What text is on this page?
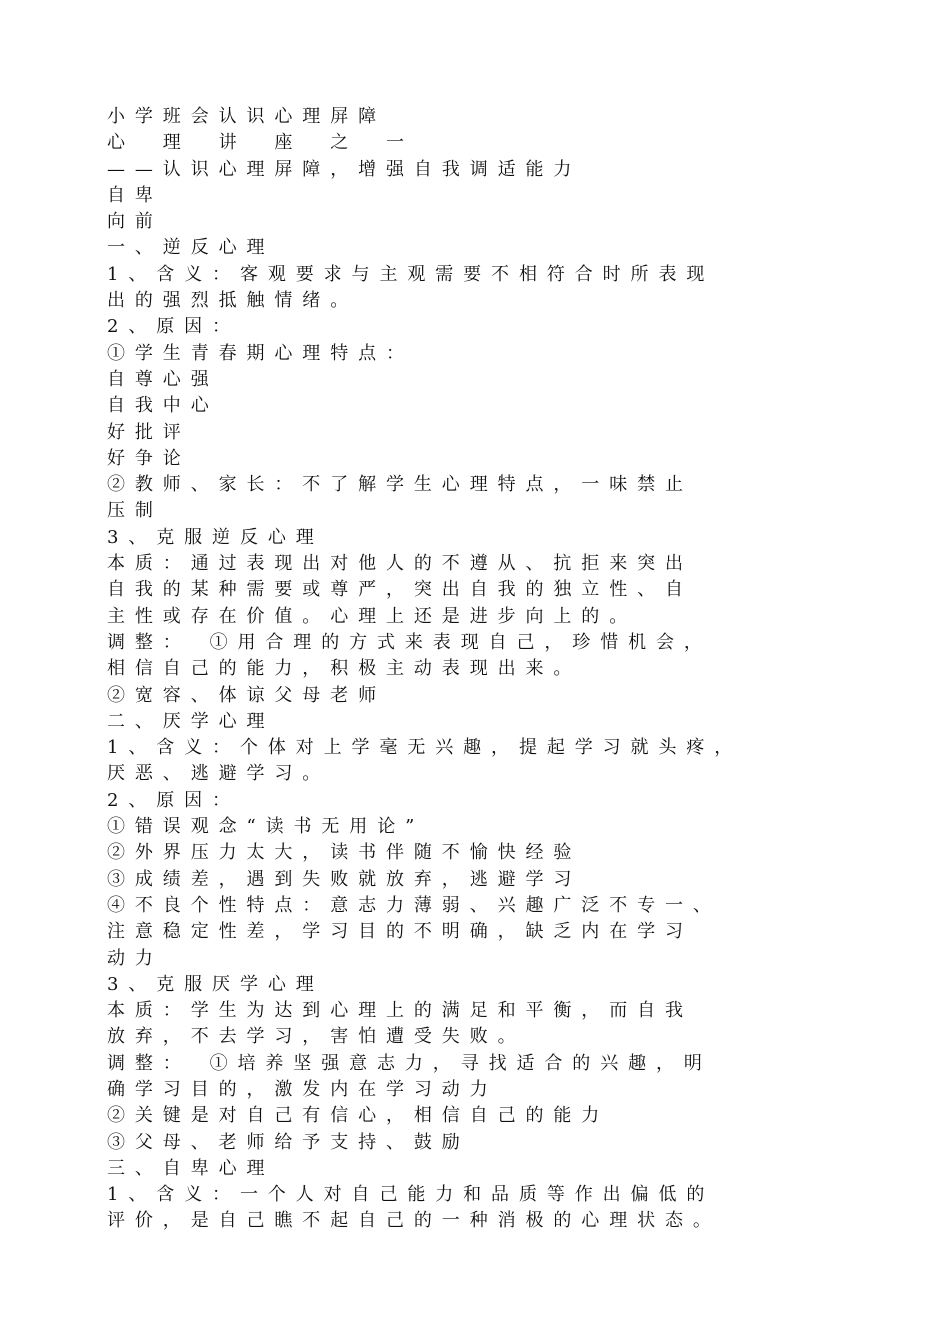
小学班会认识心理屏障
心　理　讲　座　之　一
——认识心理屏障，增强自我调适能力
自卑
向前
一、逆反心理
1、含义：客观要求与主观需要不相符合时所表现
出的强烈抵触情绪。
2、原因：
①学生青春期心理特点：
自尊心强
自我中心
好批评
好争论
②教师、家长：不了解学生心理特点，一味禁止
压制
3、克服逆反心理
本质：通过表现出对他人的不遵从、抗拒来突出
自我的某种需要或尊严，突出自我的独立性、自
主性或存在价值。心理上还是进步向上的。
调整：　①用合理的方式来表现自己，珍惜机会，
相信自己的能力，积极主动表现出来。
②宽容、体谅父母老师
二、厌学心理
1、含义：个体对上学毫无兴趣，提起学习就头疼，
厌恶、逃避学习。
2、原因：
①错误观念“读书无用论”
②外界压力太大，读书伴随不愉快经验
③成绩差，遇到失败就放弃，逃避学习
④不良个性特点：意志力薄弱、兴趣广泛不专一、
注意稳定性差，学习目的不明确，缺乏内在学习
动力
3、克服厌学心理
本质：学生为达到心理上的满足和平衡，而自我
放弃，不去学习，害怕遭受失败。
调整：　①培养坚强意志力，寻找适合的兴趣，明
确学习目的，激发内在学习动力
②关键是对自己有信心，相信自己的能力
③父母、老师给予支持、鼓励
三、自卑心理
1、含义：一个人对自己能力和品质等作出偏低的
评价，是自己瞧不起自己的一种消极的心理状态。
